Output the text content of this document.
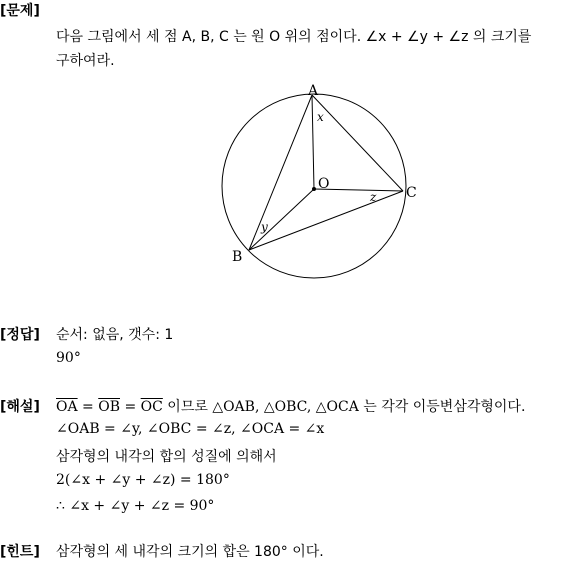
[문제]
다음 그림에서 세 점 A, B, C 는 원 O 위의 점이다. ∠x + ∠y + ∠z 의 크기를
구하여라.
A
B
C
O
x
y
z
[정답] 순서: 없음, 갯수: 1
90°
[해설] $\overline{OA} = \overline{OB} = \overline{OC}$ 이므로 △OAB, △OBC, △OCA 는 각각 이등변삼각형이다.
∠OAB = ∠y, ∠OBC = ∠z, ∠OCA = ∠x
삼각형의 내각의 합의 성질에 의해서
2(∠x + ∠y + ∠z) = 180°
∴ ∠x + ∠y + ∠z = 90°
[힌트] 삼각형의 세 내각의 크기의 합은 180° 이다.
